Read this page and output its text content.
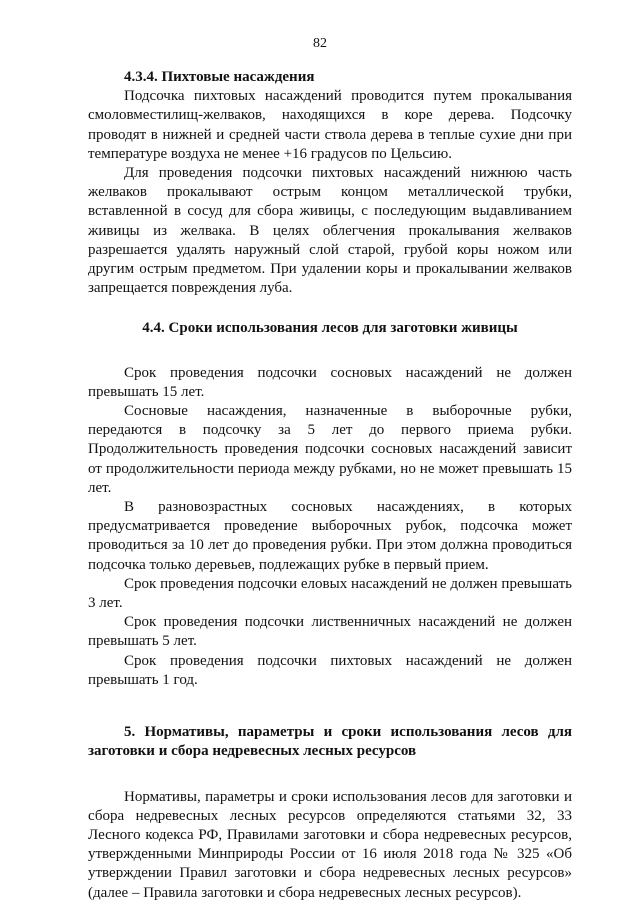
82
4.3.4. Пихтовые насаждения

Подсочка пихтовых насаждений проводится путем прокалывания смоловместилищ-желваков, находящихся в коре дерева. Подсочку проводят в нижней и средней части ствола дерева в теплые сухие дни при температуре воздуха не менее +16 градусов по Цельсию.

Для проведения подсочки пихтовых насаждений нижнюю часть желваков прокалывают острым концом металлической трубки, вставленной в сосуд для сбора живицы, с последующим выдавливанием живицы из желвака. В целях облегчения прокалывания желваков разрешается удалять наружный слой старой, грубой коры ножом или другим острым предметом. При удалении коры и прокалывании желваков запрещается повреждения луба.

4.4. Сроки использования лесов для заготовки живицы

Срок проведения подсочки сосновых насаждений не должен превышать 15 лет.

Сосновые насаждения, назначенные в выборочные рубки, передаются в подсочку за 5 лет до первого приема рубки. Продолжительность проведения подсочки сосновых насаждений зависит от продолжительности периода между рубками, но не может превышать 15 лет.

В разновозрастных сосновых насаждениях, в которых предусматривается проведение выборочных рубок, подсочка может проводиться за 10 лет до проведения рубки. При этом должна проводиться подсочка только деревьев, подлежащих рубке в первый прием.

Срок проведения подсочки еловых насаждений не должен превышать 3 лет.

Срок проведения подсочки лиственничных насаждений не должен превышать 5 лет.

Срок проведения подсочки пихтовых насаждений не должен превышать 1 год.

5. Нормативы, параметры и сроки использования лесов для заготовки и сбора недревесных лесных ресурсов

Нормативы, параметры и сроки использования лесов для заготовки и сбора недревесных лесных ресурсов определяются статьями 32, 33 Лесного кодекса РФ, Правилами заготовки и сбора недревесных ресурсов, утвержденными Минприроды России от 16 июля 2018 года № 325 «Об утверждении Правил заготовки и сбора недревесных лесных ресурсов» (далее – Правила заготовки и сбора недревесных лесных ресурсов).
